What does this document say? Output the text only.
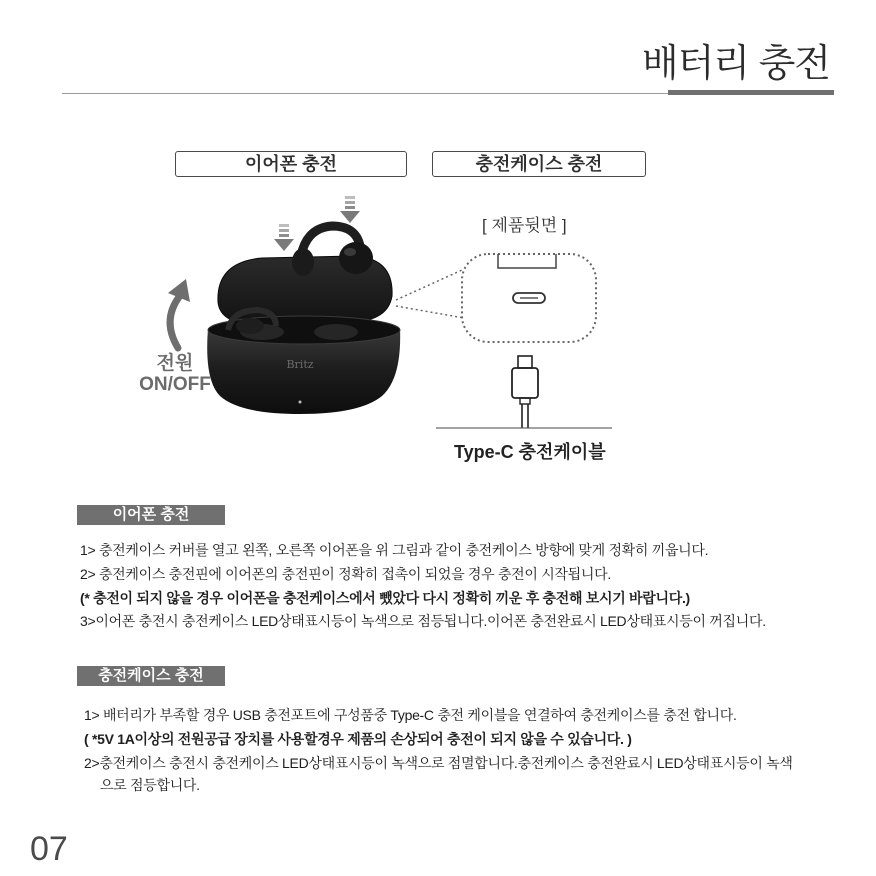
배터리 충전
이어폰 충전	충전케이스 충전
Britz
[ 제품뒷면 ]
전원
ON/OFF
Type-C 충전케이블
이어폰 충전
1> 충전케이스 커버를 열고 왼쪽, 오른쪽 이어폰을 위 그림과 같이 충전케이스 방향에 맞게 정확히 끼웁니다.
2> 충전케이스 충전핀에 이어폰의 충전핀이 정확히 접촉이 되었을 경우 충전이 시작됩니다.
(* 충전이 되지 않을 경우 이어폰을 충전케이스에서 뺐았다 다시 정확히 끼운 후 충전해 보시기 바랍니다.)
3>이어폰 충전시 충전케이스 LED상태표시등이 녹색으로 점등됩니다.이어폰 충전완료시 LED상태표시등이 꺼집니다.
충전케이스 충전
1> 배터리가 부족할 경우 USB 충전포트에 구성품중 Type-C 충전 케이블을 연결하여 충전케이스를 충전 합니다.
( *5V 1A이상의 전원공급 장치를 사용할경우 제품의 손상되어 충전이 되지 않을 수 있습니다. )
2>충전케이스 충전시 충전케이스 LED상태표시등이 녹색으로 점멸합니다.충전케이스 충전완료시 LED상태표시등이 녹색
으로 점등합니다.
07
